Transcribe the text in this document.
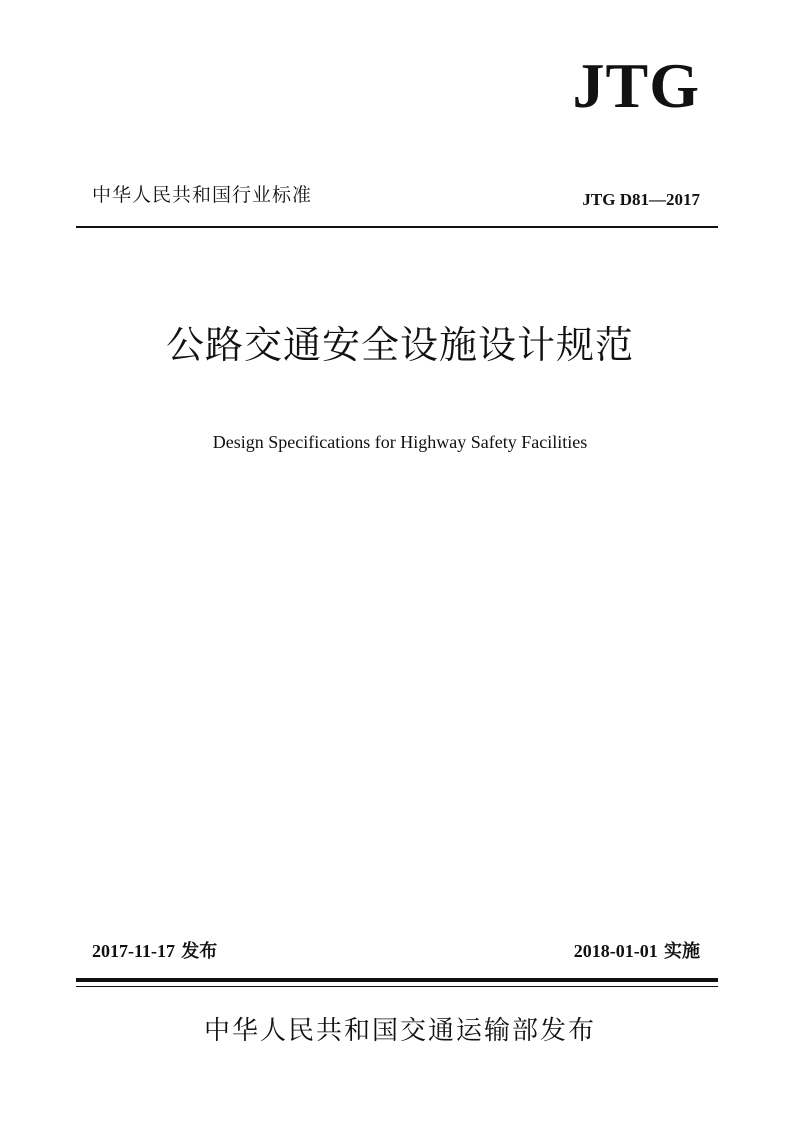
JTG
中华人民共和国行业标准	JTG D81—2017
公路交通安全设施设计规范
Design Specifications for Highway Safety Facilities
2017-11-17 发布	2018-01-01 实施
中华人民共和国交通运输部发布
